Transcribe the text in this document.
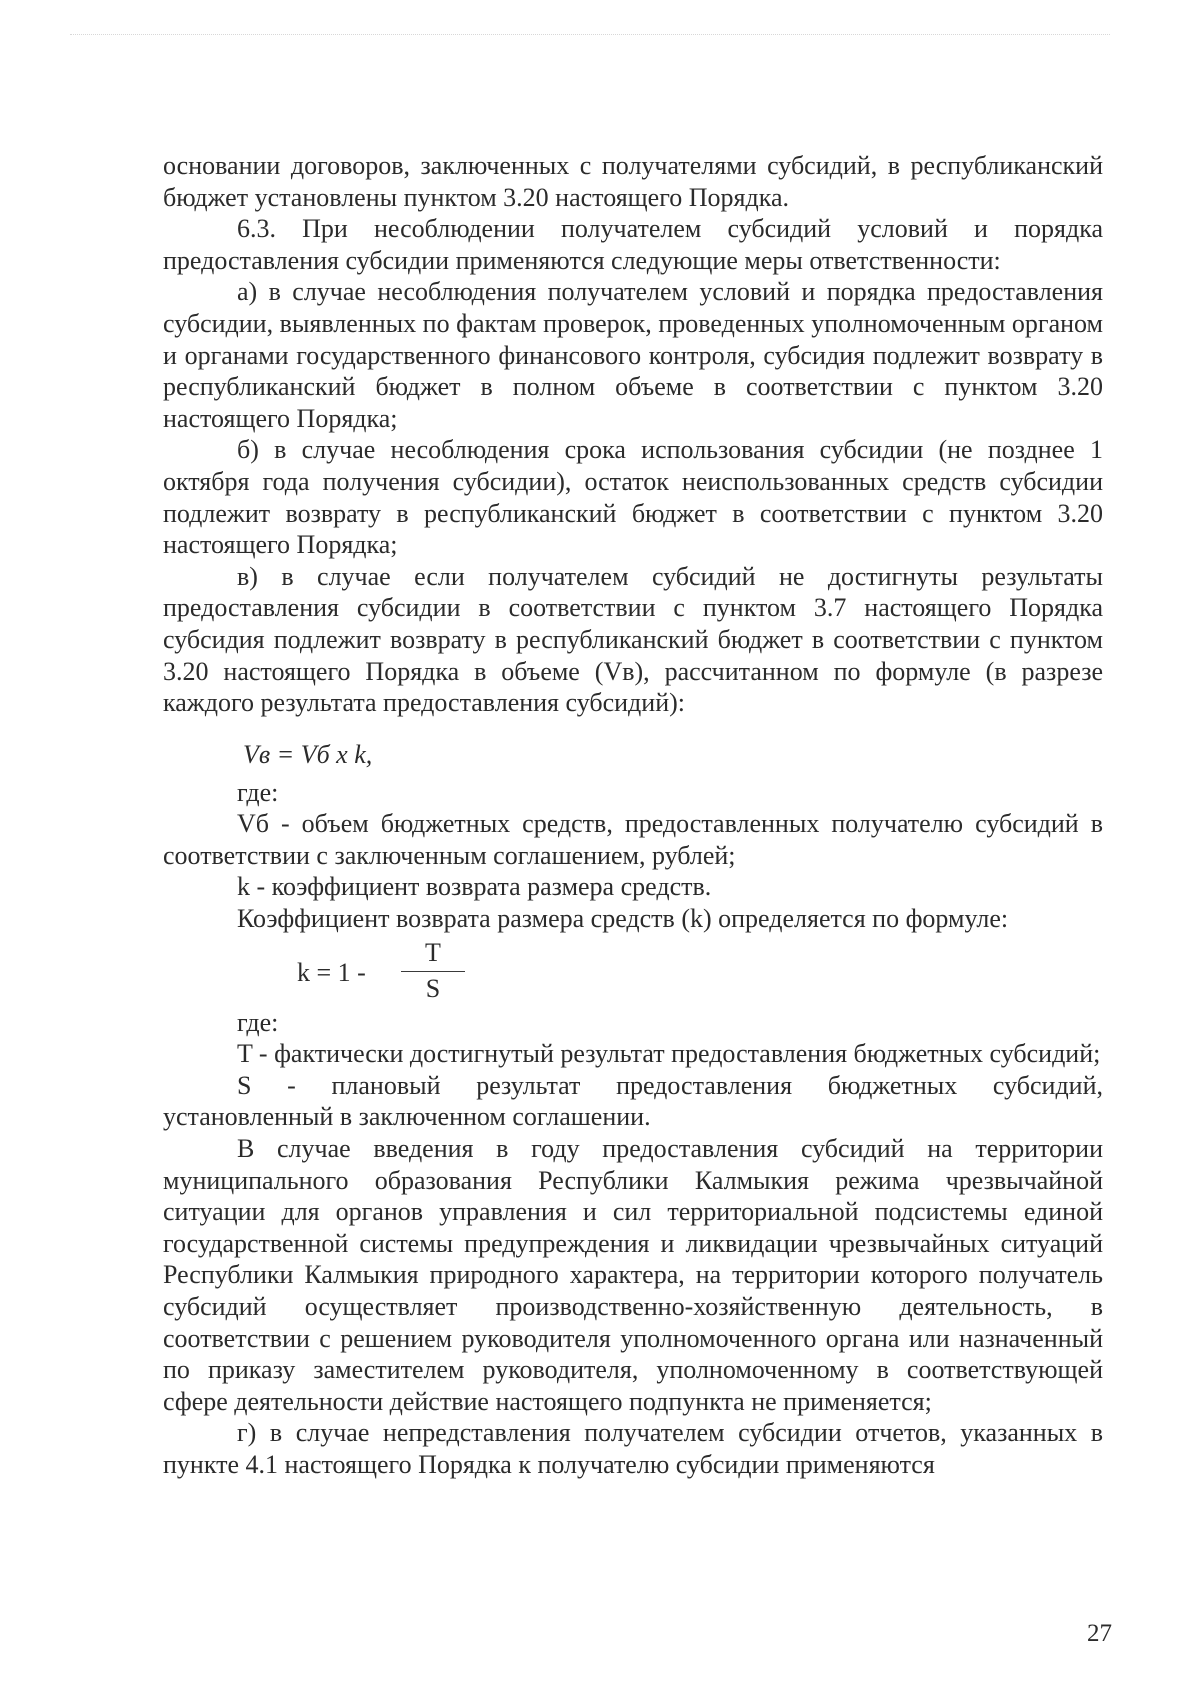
основании договоров, заключенных с получателями субсидий, в республиканский бюджет установлены пунктом 3.20 настоящего Порядка.

6.3. При несоблюдении получателем субсидий условий и порядка предоставления субсидии применяются следующие меры ответственности:

а) в случае несоблюдения получателем условий и порядка предоставления субсидии, выявленных по фактам проверок, проведенных уполномоченным органом и органами государственного финансового контроля, субсидия подлежит возврату в республиканский бюджет в полном объеме в соответствии с пунктом 3.20 настоящего Порядка;

б) в случае несоблюдения срока использования субсидии (не позднее 1 октября года получения субсидии), остаток неиспользованных средств субсидии подлежит возврату в республиканский бюджет в соответствии с пунктом 3.20 настоящего Порядка;

в) в случае если получателем субсидий не достигнуты результаты предоставления субсидии в соответствии с пунктом 3.7 настоящего Порядка субсидия подлежит возврату в республиканский бюджет в соответствии с пунктом 3.20 настоящего Порядка в объеме (Vв), рассчитанном по формуле (в разрезе каждого результата предоставления субсидий):

Vв = Vб x k,

где:

Vб - объем бюджетных средств, предоставленных получателю субсидий в соответствии с заключенным соглашением, рублей;

k - коэффициент возврата размера средств.

Коэффициент возврата размера средств (k) определяется по формуле:

k = 1 -
T
S

где:

T - фактически достигнутый результат предоставления бюджетных субсидий;

S - плановый результат предоставления бюджетных субсидий, установленный в заключенном соглашении.

В случае введения в году предоставления субсидий на территории муниципального образования Республики Калмыкия режима чрезвычайной ситуации для органов управления и сил территориальной подсистемы единой государственной системы предупреждения и ликвидации чрезвычайных ситуаций Республики Калмыкия природного характера, на территории которого получатель субсидий осуществляет производственно-хозяйственную деятельность, в соответствии с решением руководителя уполномоченного органа или назначенный по приказу заместителем руководителя, уполномоченному в соответствующей сфере деятельности действие настоящего подпункта не применяется;

г) в случае непредставления получателем субсидии отчетов, указанных в пункте 4.1 настоящего Порядка к получателю субсидии применяются

27
